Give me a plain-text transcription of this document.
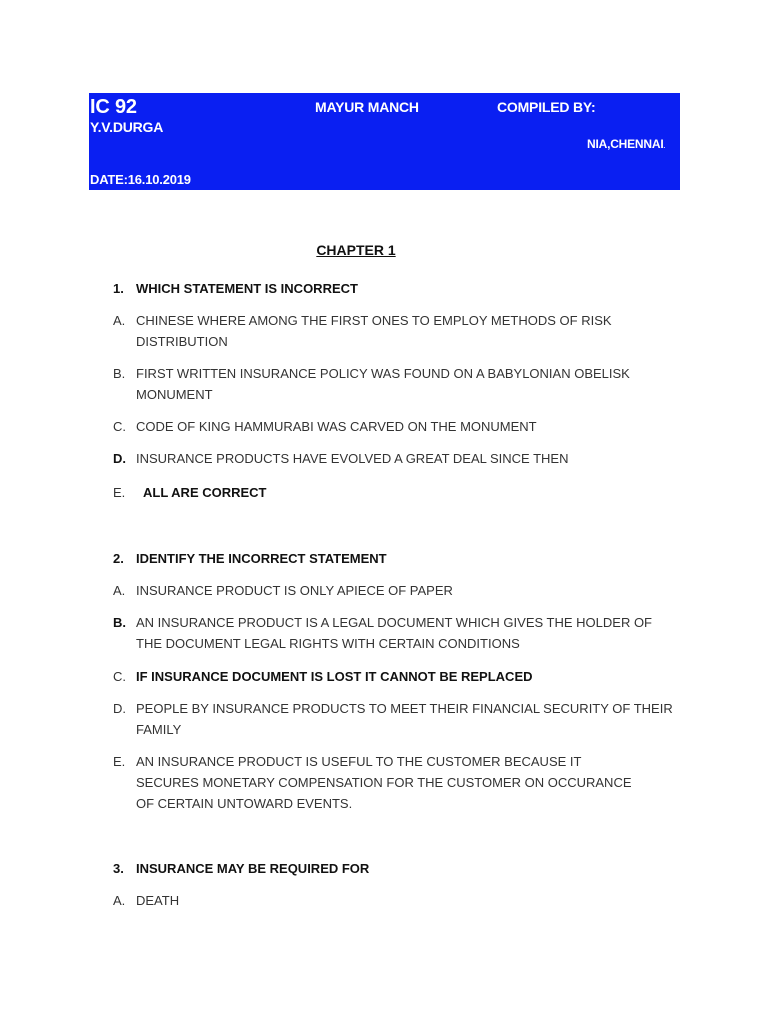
IC 92
Y.V.DURGA
MAYUR MANCH	COMPILED BY:
NIA,CHENNAI.
DATE:16.10.2019
CHAPTER 1
1. WHICH STATEMENT IS INCORRECT
A. CHINESE WHERE AMONG THE FIRST ONES TO EMPLOY METHODS OF RISK DISTRIBUTION
B. FIRST WRITTEN INSURANCE POLICY WAS FOUND ON A BABYLONIAN OBELISK MONUMENT
C. CODE OF KING HAMMURABI WAS CARVED ON THE MONUMENT
D. INSURANCE PRODUCTS HAVE EVOLVED A GREAT DEAL SINCE THEN
E. ALL ARE CORRECT
2. IDENTIFY THE INCORRECT STATEMENT
A. INSURANCE PRODUCT IS ONLY APIECE OF PAPER
B. AN INSURANCE PRODUCT IS A LEGAL DOCUMENT WHICH GIVES THE HOLDER OF THE DOCUMENT LEGAL RIGHTS WITH CERTAIN CONDITIONS
C. IF INSURANCE DOCUMENT IS LOST IT CANNOT BE REPLACED
D. PEOPLE BY INSURANCE PRODUCTS TO MEET THEIR FINANCIAL SECURITY OF THEIR FAMILY
E. AN INSURANCE PRODUCT IS USEFUL TO THE CUSTOMER BECAUSE IT SECURES MONETARY COMPENSATION FOR THE CUSTOMER ON OCCURANCE OF CERTAIN UNTOWARD EVENTS.
3. INSURANCE MAY BE REQUIRED FOR
A. DEATH
